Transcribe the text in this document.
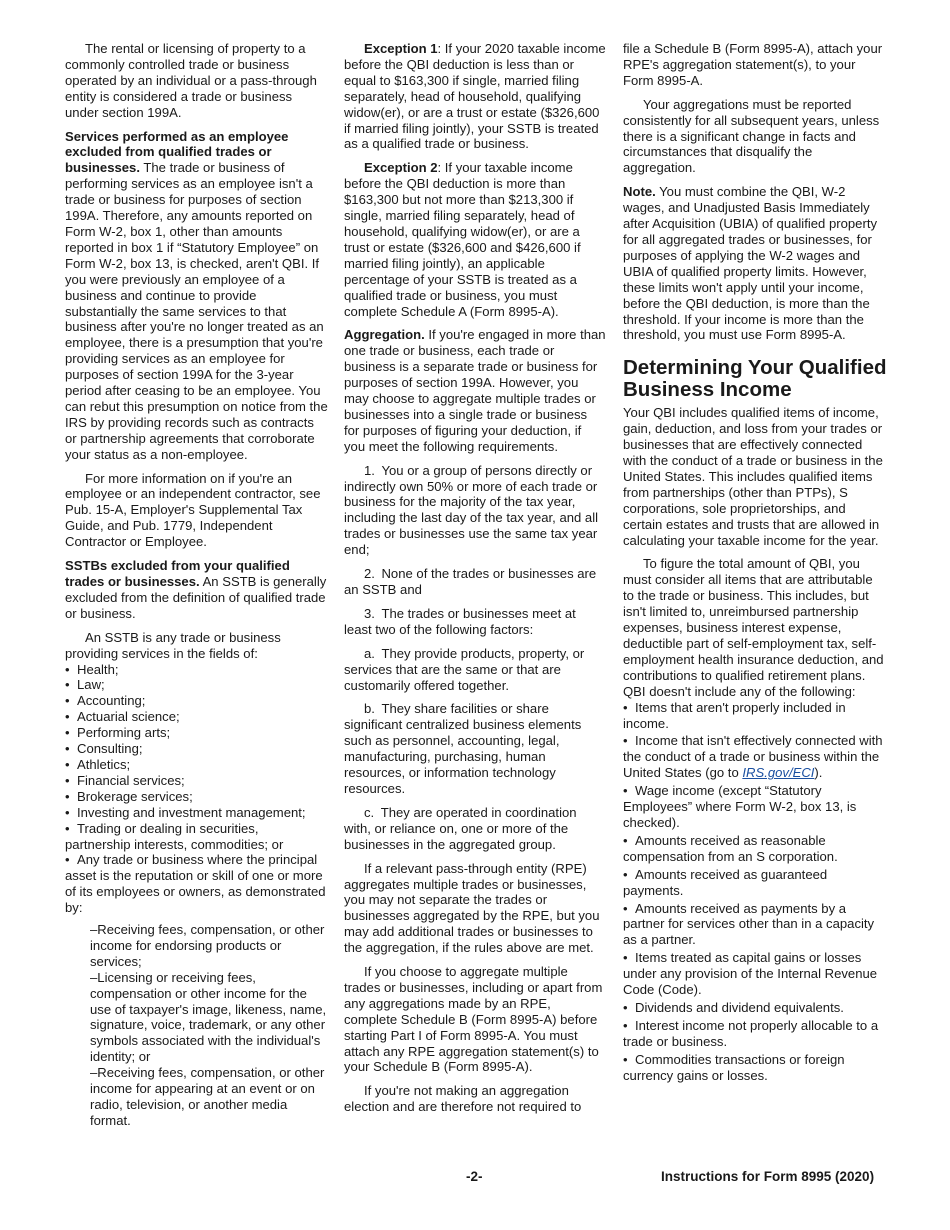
The rental or licensing of property to a commonly controlled trade or business operated by an individual or a pass-through entity is considered a trade or business under section 199A.

Services performed as an employee excluded from qualified trades or businesses. The trade or business of performing services as an employee isn't a trade or business for purposes of section 199A. Therefore, any amounts reported on Form W-2, box 1, other than amounts reported in box 1 if “Statutory Employee” on Form W-2, box 13, is checked, aren't QBI. If you were previously an employee of a business and continue to provide substantially the same services to that business after you're no longer treated as an employee, there is a presumption that you're providing services as an employee for purposes of section 199A for the 3-year period after ceasing to be an employee. You can rebut this presumption on notice from the IRS by providing records such as contracts or partnership agreements that corroborate your status as a non-employee.

For more information on if you're an employee or an independent contractor, see Pub. 15-A, Employer's Supplemental Tax Guide, and Pub. 1779, Independent Contractor or Employee.

SSTBs excluded from your qualified trades or businesses. An SSTB is generally excluded from the definition of qualified trade or business.

An SSTB is any trade or business providing services in the fields of:

• Health;
• Law;
• Accounting;
• Actuarial science;
• Performing arts;
• Consulting;
• Athletics;
• Financial services;
• Brokerage services;
• Investing and investment management;
• Trading or dealing in securities,
partnership interests, commodities; or
• Any trade or business where the principal asset is the reputation or skill of one or more of its employees or owners, as demonstrated by:

–Receiving fees, compensation, or other income for endorsing products or services;

–Licensing or receiving fees, compensation or other income for the use of taxpayer's image, likeness, name, signature, voice, trademark, or any other symbols associated with the individual's identity; or

–Receiving fees, compensation, or other income for appearing at an event or on radio, television, or another media format.

Exception 1: If your 2020 taxable income before the QBI deduction is less than or equal to $163,300 if single, married filing separately, head of household, qualifying widow(er), or are a trust or estate ($326,600 if married filing jointly), your SSTB is treated as a qualified trade or business.

Exception 2: If your taxable income before the QBI deduction is more than $163,300 but not more than $213,300 if single, married filing separately, head of household, qualifying widow(er), or are a trust or estate ($326,600 and $426,600 if married filing jointly), an applicable percentage of your SSTB is treated as a qualified trade or business, you must complete Schedule A (Form 8995-A).

Aggregation. If you're engaged in more than one trade or business, each trade or business is a separate trade or business for purposes of section 199A. However, you may choose to aggregate multiple trades or businesses into a single trade or business for purposes of figuring your deduction, if you meet the following requirements.

1. You or a group of persons directly or indirectly own 50% or more of each trade or business for the majority of the tax year, including the last day of the tax year, and all trades or businesses use the same tax year end;

2. None of the trades or businesses are an SSTB and

3. The trades or businesses meet at least two of the following factors:

a. They provide products, property, or services that are the same or that are customarily offered together.

b. They share facilities or share significant centralized business elements such as personnel, accounting, legal, manufacturing, purchasing, human resources, or information technology resources.

c. They are operated in coordination with, or reliance on, one or more of the businesses in the aggregated group.

If a relevant pass-through entity (RPE) aggregates multiple trades or businesses, you may not separate the trades or businesses aggregated by the RPE, but you may add additional trades or businesses to the aggregation, if the rules above are met.

If you choose to aggregate multiple trades or businesses, including or apart from any aggregations made by an RPE, complete Schedule B (Form 8995-A) before starting Part I of Form 8995-A. You must attach any RPE aggregation statement(s) to your Schedule B (Form 8995-A).

If you're not making an aggregation election and are therefore not required to

file a Schedule B (Form 8995-A), attach your RPE's aggregation statement(s), to your Form 8995-A.

Your aggregations must be reported consistently for all subsequent years, unless there is a significant change in facts and circumstances that disqualify the aggregation.

Note. You must combine the QBI, W-2 wages, and Unadjusted Basis Immediately after Acquisition (UBIA) of qualified property for all aggregated trades or businesses, for purposes of applying the W-2 wages and UBIA of qualified property limits. However, these limits won't apply until your income, before the QBI deduction, is more than the threshold. If your income is more than the threshold, you must use Form 8995-A.

Determining Your Qualified Business Income

Your QBI includes qualified items of income, gain, deduction, and loss from your trades or businesses that are effectively connected with the conduct of a trade or business in the United States. This includes qualified items from partnerships (other than PTPs), S corporations, sole proprietorships, and certain estates and trusts that are allowed in calculating your taxable income for the year.

To figure the total amount of QBI, you must consider all items that are attributable to the trade or business. This includes, but isn't limited to, unreimbursed partnership expenses, business interest expense, deductible part of self-employment tax, self-employment health insurance deduction, and contributions to qualified retirement plans. QBI doesn't include any of the following:

• Items that aren't properly included in income.
• Income that isn't effectively connected with the conduct of a trade or business within the United States (go to IRS.gov/ECI).
• Wage income (except “Statutory Employees” where Form W-2, box 13, is checked).
• Amounts received as reasonable compensation from an S corporation.
• Amounts received as guaranteed payments.
• Amounts received as payments by a partner for services other than in a capacity as a partner.
• Items treated as capital gains or losses under any provision of the Internal Revenue Code (Code).
• Dividends and dividend equivalents.
• Interest income not properly allocable to a trade or business.
• Commodities transactions or foreign currency gains or losses.
-2-	Instructions for Form 8995 (2020)
